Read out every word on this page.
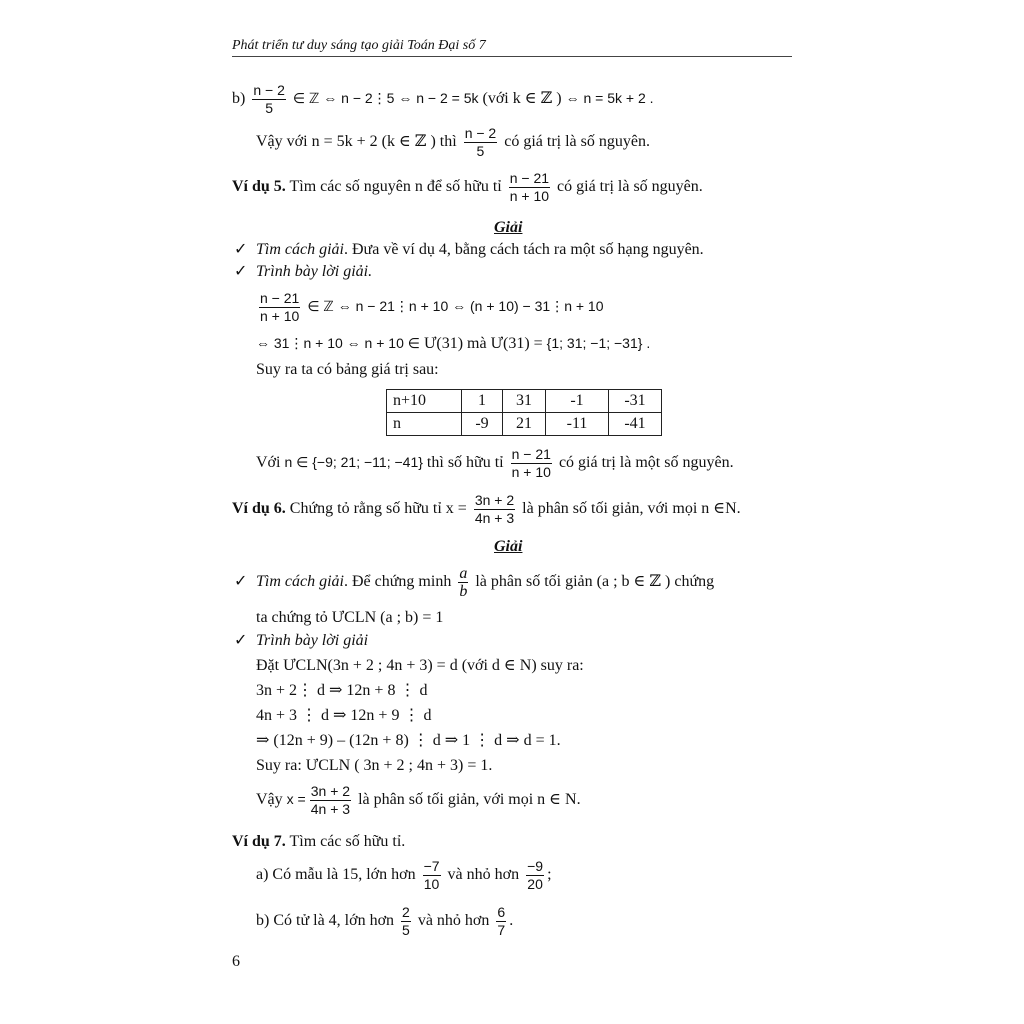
Phát triển tư duy sáng tạo giải Toán Đại số 7
$b) \frac{n - 2}{5}$ ∈ ℤ ⇔ n − 2⋮5 ⇔ n − 2 = 5k (với k ∈ ℤ ) ⇔ n = 5k + 2 .
Vậy với n = 5k + 2 (k ∈ ℤ ) thì $\frac{n - 2}{5}$ có giá trị là số nguyên.
Ví dụ 5. Tìm các số nguyên n để số hữu tỉ $\frac{n - 21}{n + 10}$ có giá trị là số nguyên.
Giải
✓ Tìm cách giải. Đưa về ví dụ 4, bằng cách tách ra một số hạng nguyên.
✓ Trình bày lời giải.
$\frac{n - 21}{n + 10}$ ∈ ℤ ⇔ n − 21⋮n + 10 ⇔ (n + 10) − 31⋮n + 10
⇔ 31⋮n + 10 ⇔ n + 10 ∈ Ư(31) mà Ư(31) = {1; 31; −1; −31} .
Suy ra ta có bảng giá trị sau:
n+10	1	31	-1	-31
n	-9	21	-11	-41
Với n ∈ {−9; 21; −11; −41} thì số hữu tỉ $\frac{n - 21}{n + 10}$ có giá trị là một số nguyên.
Ví dụ 6. Chứng tỏ rằng số hữu tỉ $x = \frac{3n + 2}{4n + 3}$ là phân số tối giản, với mọi n ∈N.
Giải
✓ Tìm cách giải. Để chứng minh $\frac{a}{b}$ là phân số tối giản (a ; b ∈ ℤ ) chứng
ta chứng tỏ ƯCLN (a ; b) = 1
✓ Trình bày lời giải
Đặt ƯCLN(3n + 2 ; 4n + 3) = d (với d ∈ N) suy ra:
3n + 2⋮ d ⇒ 12n + 8 ⋮ d
4n + 3 ⋮ d ⇒ 12n + 9 ⋮ d
⇒ (12n + 9) – (12n + 8) ⋮ d ⇒ 1 ⋮ d ⇒ d = 1.
Suy ra: ƯCLN ( 3n + 2 ; 4n + 3) = 1.
Vậy $x = \frac{3n + 2}{4n + 3}$ là phân số tối giản, với mọi n ∈ N.
Ví dụ 7. Tìm các số hữu tỉ.
a) Có mẫu là 15, lớn hơn $\frac{-7}{10}$ và nhỏ hơn $\frac{-9}{20}$ ;
b) Có tử là 4, lớn hơn $\frac{2}{5}$ và nhỏ hơn $\frac{6}{7}$ .
6
